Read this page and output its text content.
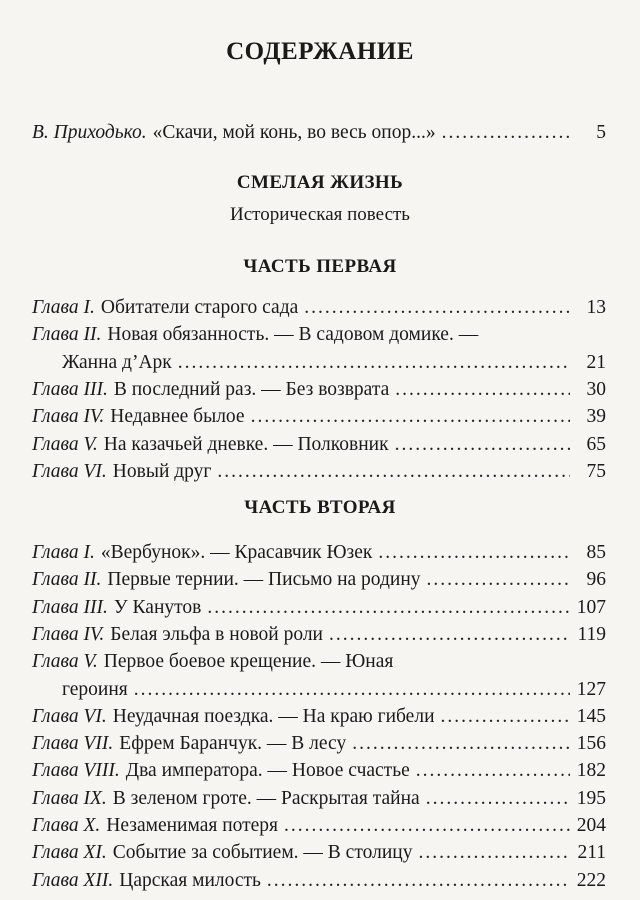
СОДЕРЖАНИЕ
В. Приходько. «Скачи, мой конь, во весь опор...» .....	5
СМЕЛАЯ ЖИЗНЬ
Историческая повесть
ЧАСТЬ ПЕРВАЯ
Глава I. Обитатели старого сада .....	13
Глава II. Новая обязанность. — В садовом домике. —
Жанна д’Арк .....	21
Глава III. В последний раз. — Без возврата .....	30
Глава IV. Недавнее былое .....	39
Глава V. На казачьей дневке. — Полковник .....	65
Глава VI. Новый друг .....	75
ЧАСТЬ ВТОРАЯ
Глава I. «Вербунок». — Красавчик Юзек .....	85
Глава II. Первые тернии. — Письмо на родину .....	96
Глава III. У Канутов .....	107
Глава IV. Белая эльфа в новой роли .....	119
Глава V. Первое боевое крещение. — Юная
героиня .....	127
Глава VI. Неудачная поездка. — На краю гибели .....	145
Глава VII. Ефрем Баранчук. — В лесу .....	156
Глава VIII. Два императора. — Новое счастье .....	182
Глава IX. В зеленом гроте. — Раскрытая тайна .....	195
Глава X. Незаменимая потеря .....	204
Глава XI. Событие за событием. — В столицу .....	211
Глава XII. Царская милость .....	222
